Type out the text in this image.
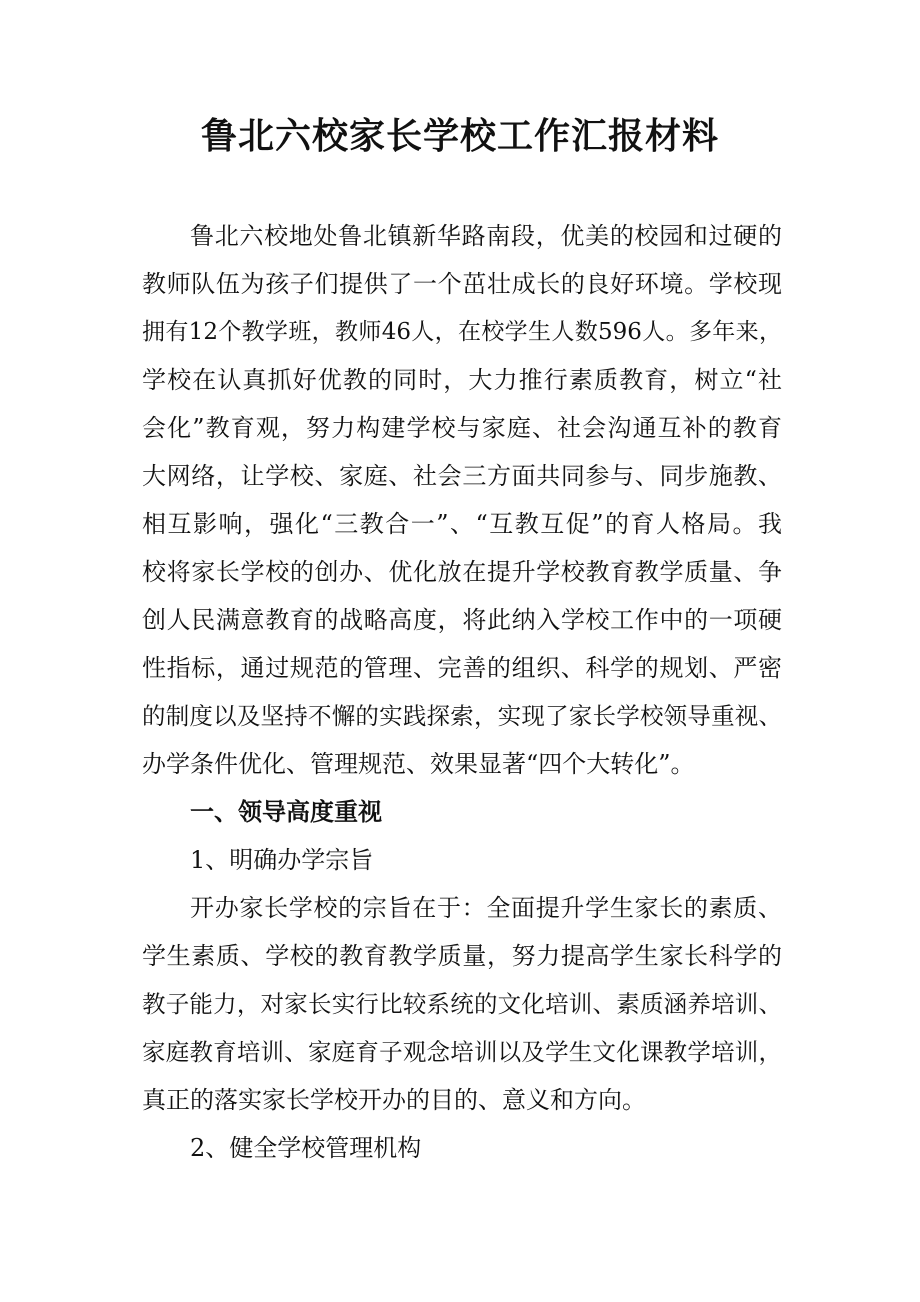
鲁北六校家长学校工作汇报材料
鲁北六校地处鲁北镇新华路南段，优美的校园和过硬的
教师队伍为孩子们提供了一个茁壮成长的良好环境。学校现
拥有12个教学班，教师46人，在校学生人数596人。多年来，
学校在认真抓好优教的同时，大力推行素质教育，树立“社
会化”教育观，努力构建学校与家庭、社会沟通互补的教育
大网络，让学校、家庭、社会三方面共同参与、同步施教、
相互影响，强化“三教合一”、“互教互促”的育人格局。我
校将家长学校的创办、优化放在提升学校教育教学质量、争
创人民满意教育的战略高度，将此纳入学校工作中的一项硬
性指标，通过规范的管理、完善的组织、科学的规划、严密
的制度以及坚持不懈的实践探索，实现了家长学校领导重视、
办学条件优化、管理规范、效果显著“四个大转化”。
一、领导高度重视
1、明确办学宗旨
开办家长学校的宗旨在于：全面提升学生家长的素质、
学生素质、学校的教育教学质量，努力提高学生家长科学的
教子能力，对家长实行比较系统的文化培训、素质涵养培训、
家庭教育培训、家庭育子观念培训以及学生文化课教学培训，
真正的落实家长学校开办的目的、意义和方向。
2、健全学校管理机构
